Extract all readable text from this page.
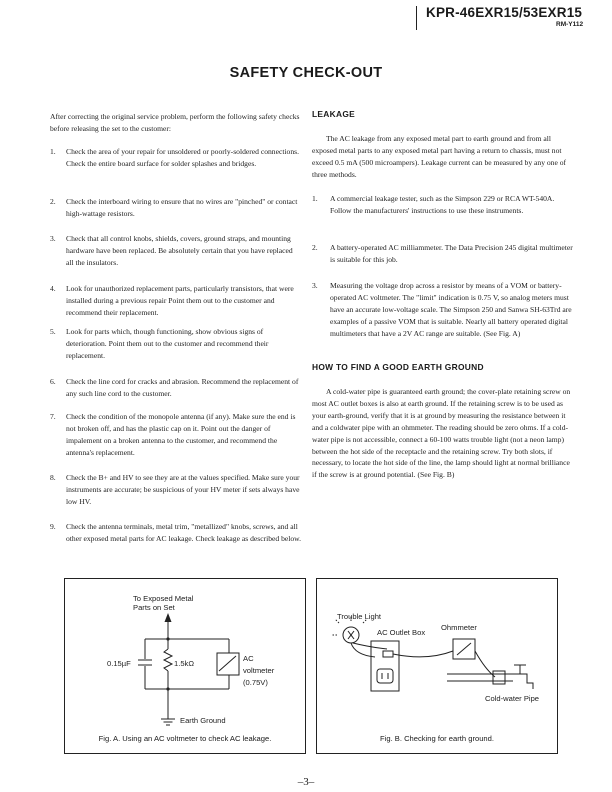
KPR-46EXR15/53EXR15
RM-Y112
SAFETY CHECK-OUT
After correcting the original service problem, perform the following safety checks before releasing the set to the customer:
1. Check the area of your repair for unsoldered or poorly-soldered connections. Check the entire board surface for solder splashes and bridges.
2. Check the interboard wiring to ensure that no wires are "pinched" or contact high-wattage resistors.
3. Check that all control knobs, shields, covers, ground straps, and mounting hardware have been replaced. Be absolutely certain that you have replaced all the insulators.
4. Look for unauthorized replacement parts, particularly transistors, that were installed during a previous repair Point them out to the customer and recommend their replacement.
5. Look for parts which, though functioning, show obvious signs of deterioration. Point them out to the customer and recommend their replacement.
6. Check the line cord for cracks and abrasion. Recommend the replacement of any such line cord to the customer.
7. Check the condition of the monopole antenna (if any). Make sure the end is not broken off, and has the plastic cap on it. Point out the danger of impalement on a broken antenna to the customer, and recommend the antenna's replacement.
8. Check the B+ and HV to see they are at the values specified. Make sure your instruments are accurate; be suspicious of your HV meter if sets always have low HV.
9. Check the antenna terminals, metal trim, "metallized" knobs, screws, and all other exposed metal parts for AC leakage. Check leakage as described below.
LEAKAGE
The AC leakage from any exposed metal part to earth ground and from all exposed metal parts to any exposed metal part having a return to chassis, must not exceed 0.5 mA (500 microampers). Leakage current can be measured by any one of three methods.
1. A commercial leakage tester, such as the Simpson 229 or RCA WT-540A. Follow the manufacturers' instructions to use these instruments.
2. A battery-operated AC milliammeter. The Data Precision 245 digital multimeter is suitable for this job.
3. Measuring the voltage drop across a resistor by means of a VOM or battery-operated AC voltmeter. The "limit" indication is 0.75 V, so analog meters must have an accurate low-voltage scale. The Simpson 250 and Sanwa SH-63Trd are examples of a passive VOM that is suitable. Nearly all battery operated digital multimeters that have a 2V AC range are suitable. (See Fig. A)
HOW TO FIND A GOOD EARTH GROUND
A cold-water pipe is guaranteed earth ground; the cover-plate retaining screw on most AC outlet boxes is also at earth ground. If the retaining screw is to be used as your earth-ground, verify that it is at ground by measuring the resistance between it and a coldwater pipe with an ohmmeter. The reading should be zero ohms. If a cold-water pipe is not accessible, connect a 60-100 watts trouble light (not a neon lamp) between the hot side of the receptacle and the retaining screw. Try both slots, if necessary, to locate the hot side of the line, the lamp should light at normal brilliance if the screw is at ground potential. (See Fig. B)
To Exposed Metal
Parts on Set
0.15µF	1.5kΩ
AC
voltmeter
(0.75V)
Earth Ground
Fig. A. Using an AC voltmeter to check AC leakage.
Trouble Light
AC Outlet Box
Ohmmeter
Cold-water Pipe
Fig. B. Checking for earth ground.
–3–
